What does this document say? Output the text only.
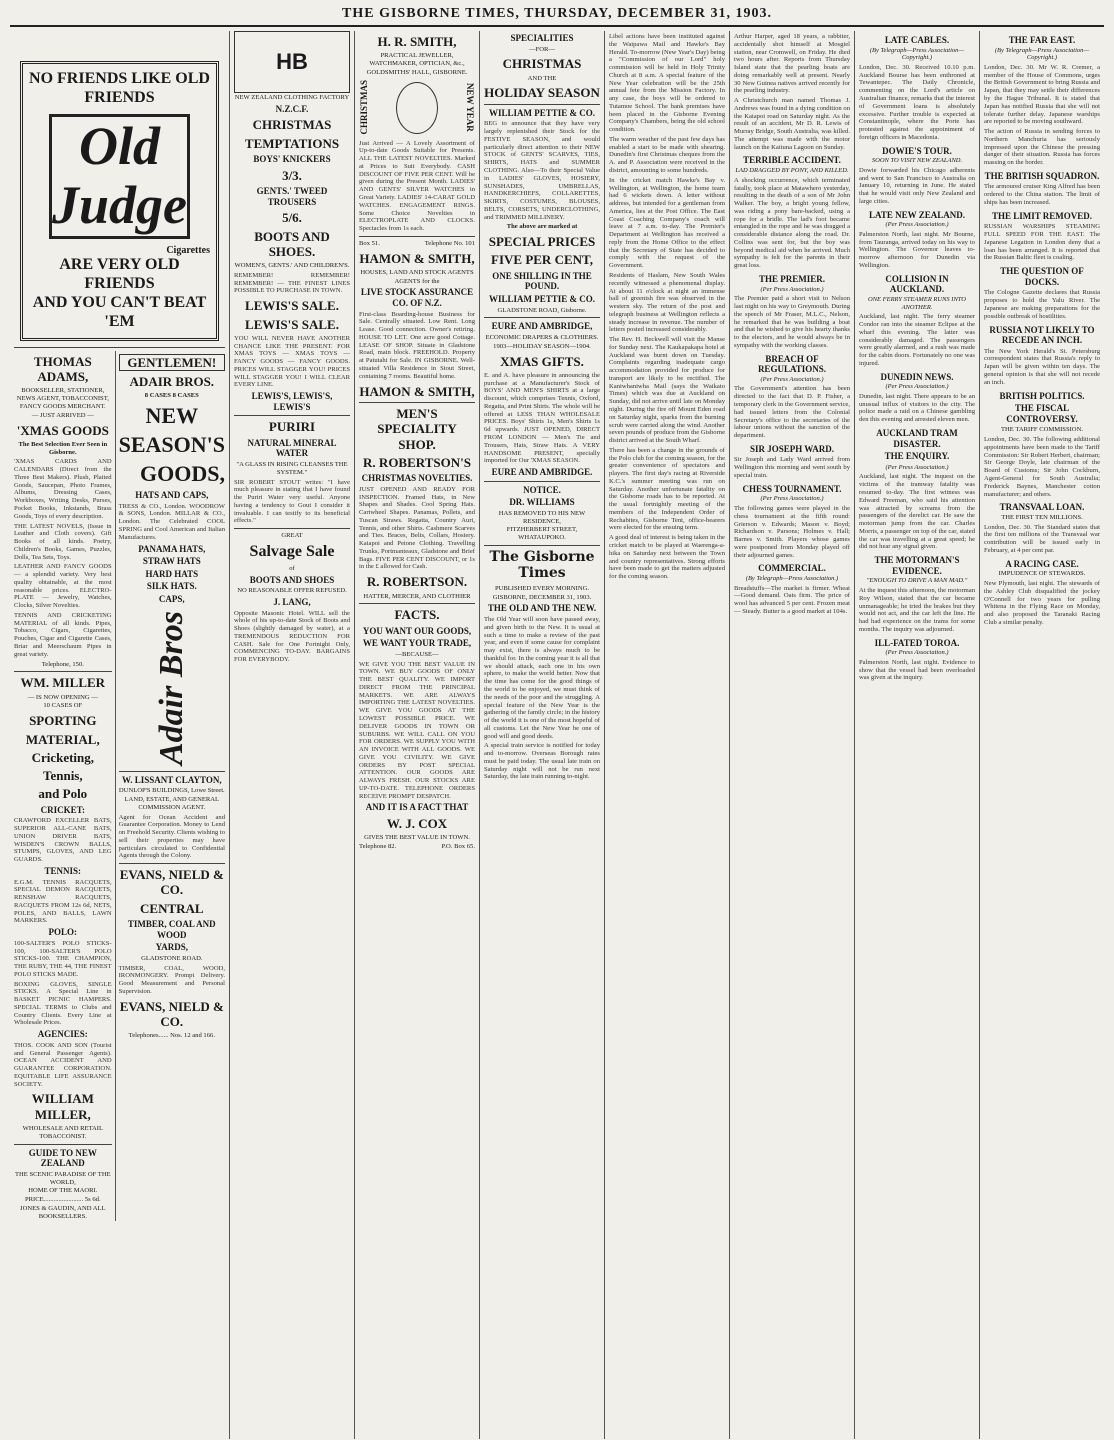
THE GISBORNE TIMES, THURSDAY, DECEMBER 31, 1903.
NO FRIENDS LIKE OLD FRIENDS
Old Judge
Cigarettes
ARE VERY OLD FRIENDS
AND YOU CAN'T BEAT 'EM
THOMAS ADAMS,
BOOKSELLER, STATIONER, NEWS AGENT, TOBACCONIST, FANCY GOODS MERCHANT.
— JUST ARRIVED —
'XMAS GOODS
The Best Selection Ever Seen in Gisborne.

'XMAS CARDS AND CALENDARS (Direct from the Three Best Makers). Plush, Plaited Goods, Saucepan, Photo Frames, Albums, Dressing Cases, Workboxes, Writing Desks, Purses, Pocket Books, Inkstands, Brass Goods, Toys of every description.

THE LATEST NOVELS, (Issue in Leather and Cloth covers). Gift Books of all kinds. Poetry, Children's Books, Games, Puzzles, Dolls, Tea Sets, Toys.

LEATHER AND FANCY GOODS — a splendid variety. Very best quality obtainable, at the most reasonable prices. ELECTRO-PLATE — Jewelry, Watches, Clocks, Silver Novelties.

TENNIS AND CRICKETING MATERIAL of all kinds. Pipes, Tobacco, Cigars, Cigarettes, Pouches, Cigar and Cigarette Cases, Briar and Meerschaum Pipes in great variety.

Telephone, 150.
WM. MILLER
— IS NOW OPENING —
10 CASES OF
SPORTING
MATERIAL,
Cricketing,
Tennis,
and Polo
CRICKET:

CRAWFORD EXCELLER BATS, SUPERIOR ALL-CANE BATS, UNION DRIVER BATS, WISDEN'S CROWN BALLS, STUMPS, GLOVES, AND LEG GUARDS.

TENNIS:

E.G.M. TENNIS RACQUETS, SPECIAL DEMON RACQUETS, RENSHAW RACQUETS, RACQUETS FROM 12s 6d, NETS, POLES, AND BALLS, LAWN MARKERS.

POLO:

100-SALTER'S POLO STICKS-100, 100-SALTER'S POLO STICKS-100. THE CHAMPION, THE RUBY, THE 44, THE FINEST POLO STICKS MADE.

BOXING GLOVES, SINGLE STICKS. A Special Line in BASKET PICNIC HAMPERS. SPECIAL TERMS to Clubs and Country Clients. Every Line at Wholesale Prices.

AGENCIES:

THOS. COOK AND SON (Tourist and General Passenger Agents). OCEAN ACCIDENT AND GUARANTEE CORPORATION. EQUITABLE LIFE ASSURANCE SOCIETY.

WILLIAM MILLER,
WHOLESALE AND RETAIL TOBACCONIST.
GUIDE TO NEW ZEALAND
THE SCENIC PARADISE OF THE WORLD,
HOME OF THE MAORI.
PRICE........................ 5s 6d.
JONES & GAUDIN, AND ALL BOOKSELLERS.
GENTLEMEN!
ADAIR BROS.
8 CASES 8 CASES
NEW
SEASON'S
GOODS,
HATS AND CAPS,

TRESS & CO., London. WOODROW & SONS, London. MILLAR & CO., London. The Celebrated COOL SPRING and Cool American and Italian Manufactures.

PANAMA HATS,
STRAW HATS
HARD HATS
SILK HATS.
CAPS,
Adair Bros
W. LISSANT CLAYTON,
DUNLOP'S BUILDINGS, Lowe Street.
LAND, ESTATE, AND GENERAL COMMISSION AGENT.

Agent for Ocean Accident and Guarantee Corporation. Money to Lend on Freehold Security. Clients wishing to sell their properties may have particulars circulated to Confidential Agents through the Colony.

EVANS, NIELD & CO.
CENTRAL
TIMBER, COAL AND WOOD
YARDS,
GLADSTONE ROAD.

TIMBER, COAL, WOOD, IRONMONGERY. Prompt Delivery. Good Measurement and Personal Supervision.

EVANS, NIELD & CO.
Telephones...... Nos. 12 and 166.
HB
NEW ZEALAND CLOTHING FACTORY
N.Z.C.F.
CHRISTMAS
TEMPTATIONS
BOYS' KNICKERS
3/3.
GENTS.' TWEED TROUSERS
5/6.
BOOTS AND SHOES.
WOMEN'S, GENTS.' AND CHILDREN'S.

REMEMBER! REMEMBER! REMEMBER! — THE FINEST LINES POSSIBLE TO PURCHASE IN TOWN.

LEWIS'S SALE.
LEWIS'S SALE.

YOU WILL NEVER HAVE ANOTHER CHANCE LIKE THE PRESENT. FOR XMAS TOYS — XMAS TOYS — FANCY GOODS — FANCY GOODS. PRICES WILL STAGGER YOU! PRICES WILL STAGGER YOU! I WILL CLEAR EVERY LINE.

LEWIS'S, LEWIS'S, LEWIS'S
PURIRI
NATURAL MINERAL WATER
"A GLASS IN RISING CLEANSES THE SYSTEM."

SIR ROBERT STOUT writes: "I have much pleasure in stating that I have found the Puriri Water very useful. Anyone having a tendency to Gout I consider it invaluable. I can testify to its beneficial effects."

GREAT
Salvage Sale
of
BOOTS AND SHOES
NO REASONABLE OFFER REFUSED.
J. LANG,

Opposite Masonic Hotel. WILL sell the whole of his up-to-date Stock of Boots and Shoes (slightly damaged by water), at a TREMENDOUS REDUCTION FOR CASH. Sale for One Fortnight Only, COMMENCING TO-DAY. BARGAINS FOR EVERYBODY.

H. R. SMITH,
PRACTICAL JEWELLER, WATCHMAKER, OPTICIAN, &c.,
GOLDSMITHS' HALL, GISBORNE.
CHRISTMAS	NEW YEAR

Just Arrived — A Lovely Assortment of Up-to-date Goods Suitable for Presents. ALL THE LATEST NOVELTIES. Marked at Prices to Suit Everybody. CASH DISCOUNT OF FIVE PER CENT. Will be given during the Present Month. LADIES' AND GENTS' SILVER WATCHES in Great Variety. LADIES' 14-CARAT GOLD WATCHES. ENGAGEMENT RINGS. Some Choice Novelties in ELECTROPLATE AND CLOCKS. Spectacles from 1s each.

Box 51.	Telephone No. 101
HAMON & SMITH,
HOUSES, LAND AND STOCK AGENTS
AGENTS for the
LIVE STOCK ASSURANCE CO. OF N.Z.

First-class Boarding-house Business for Sale. Centrally situated. Low Rent. Long Lease. Good connection. Owner's retiring. HOUSE TO LET. One acre good Cottage. LEASE OF SHOP. Situate in Gladstone Road, main block. FREEHOLD. Property at Patutahi for Sale. IN GISBORNE. Well-situated Villa Residence in Stout Street, containing 7 rooms. Beautiful home.

HAMON & SMITH,
MEN'S SPECIALITY SHOP.
R. ROBERTSON'S
CHRISTMAS NOVELTIES.

JUST OPENED AND READY FOR INSPECTION. Framed Hats, in New Shapes and Shades. Cool Spring Hats. Cartwheel Shapes. Panamas, Pollets, and Tuscan Straws. Regatta, Country Auri, Tennis, and other Shirts. Cashmere Scarves and Ties. Braces, Belts, Collars, Hosiery. Kaiapoi and Petone Clothing. Travelling Trunks, Portmanteaux, Gladstone and Brief Bags. FIVE PER CENT DISCOUNT, or 1s in the £ allowed for Cash.

R. ROBERTSON.
HATTER, MERCER, AND CLOTHIER
FACTS.
YOU WANT OUR GOODS,
WE WANT YOUR TRADE,
—BECAUSE—

WE GIVE YOU THE BEST VALUE IN TOWN. WE BUY GOODS OF ONLY THE BEST QUALITY. WE IMPORT DIRECT FROM THE PRINCIPAL MARKETS. WE ARE ALWAYS IMPORTING THE LATEST NOVELTIES. WE GIVE YOU GOODS AT THE LOWEST POSSIBLE PRICE. WE DELIVER GOODS IN TOWN OR SUBURBS. WE WILL CALL ON YOU FOR ORDERS. WE SUPPLY YOU WITH AN INVOICE WITH ALL GOODS. WE GIVE YOU CIVILITY. WE GIVE ORDERS BY POST SPECIAL ATTENTION. OUR GOODS ARE ALWAYS FRESH. OUR STOCKS ARE UP-TO-DATE. TELEPHONE ORDERS RECEIVE PROMPT DESPATCH.

AND IT IS A FACT THAT
W. J. COX
GIVES THE BEST VALUE IN TOWN.
Telephone 82.	P.O. Box 65.
SPECIALITIES
—FOR—
CHRISTMAS
AND THE
HOLIDAY SEASON
WILLIAM PETTIE & CO.

BEG to announce that they have very largely replenished their Stock for the FESTIVE SEASON, and would particularly direct attention to their NEW STOCK of GENTS' SCARVES, TIES, SHIRTS, HATS and SUMMER CLOTHING. Also—To their Special Value in LADIES' GLOVES, HOSIERY, SUNSHADES, UMBRELLAS, HANDKERCHIEFS, COLLARETTES, SKIRTS, COSTUMES, BLOUSES, BELTS, CORSETS, UNDERCLOTHING, and TRIMMED MILLINERY.

The above are marked at
SPECIAL PRICES
FIVE PER CENT,
ONE SHILLING IN THE POUND.
WILLIAM PETTIE & CO.
GLADSTONE ROAD, Gisborne.
EURE AND AMBRIDGE,
ECONOMIC DRAPERS & CLOTHIERS.
1903—HOLIDAY SEASON—1904.
XMAS GIFTS.

E. and A. have pleasure in announcing the purchase at a Manufacturer's Stock of BOYS' AND MEN'S SHIRTS at a large discount, which comprises Tennis, Oxford, Regatta, and Print Shirts. The whole will be offered at LESS THAN WHOLESALE PRICES. Boys' Shirts 1s, Men's Shirts 1s 6d upwards. JUST OPENED, DIRECT FROM LONDON — Men's Tie and Trousers, Hats, Straw Hats. A VERY HANDSOME PRESENT, specially imported for Our 'XMAS SEASON.

EURE AND AMBRIDGE.
NOTICE.
DR. WILLIAMS
HAS REMOVED TO HIS NEW RESIDENCE,
FITZHERBERT STREET, WHATAUPOKO.
The Gisborne Times
PUBLISHED EVERY MORNING.
GISBORNE, DECEMBER 31, 1903.
THE OLD AND THE NEW.

The Old Year will soon have passed away, and given birth to the New. It is usual at such a time to make a review of the past year, and even if some cause for complaint may exist, there is always much to be thankful for. In the coming year it is all that we should attack, each one in his own sphere, to make the world better. Now that the time has come for the good things of the world to be enjoyed, we must think of the needs of the poor and the struggling. A special feature of the New Year is the gathering of the family circle; in the history of the world it is one of the most hopeful of all customs. Let the New Year be one of good will and good deeds.

A special train service is notified for today and to-morrow. Overseas Borough rates must be paid today. The usual late train on Saturday night will not be run next Saturday, the late train running to-night.

Libel actions have been instituted against the Waipawa Mail and Hawke's Bay Herald. To-morrow (New Year's Day) being a "Commission of our Lord" holy commission will be held in Holy Trinity Church at 8 a.m. A special feature of the New Year celebration will be the 25th annual fete from the Mission Factory. In any case, the boys will be ordered to Tutamoe School. The bank premises have been placed in the Gisborne Evening Company's Chambers, being the old school condition.

The warm weather of the past few days has enabled a start to be made with shearing. Dunedin's first Christmas cheques from the A. and P. Association were received in the district, amounting to some hundreds.

In the cricket match Hawke's Bay v. Wellington, at Wellington, the home team had 6 wickets down. A letter without address, but intended for a gentleman from America, lies at the Post Office. The East Coast Coaching Company's coach will leave at 7 a.m. to-day. The Premier's Department at Wellington has received a reply from the Home Office to the effect that the Secretary of State has decided to comply with the request of the Government.

Residents of Haslam, New South Wales recently witnessed a phenomenal display. At about 11 o'clock at night an immense ball of greenish fire was observed in the western sky. The return of the post and telegraph business at Wellington reflects a steady increase in revenue. The number of letters posted increased considerably.

The Rev. H. Beckwell will visit the Manse for Sunday next. The Kaukapakapa hotel at Auckland was burnt down on Tuesday. Complaints regarding inadequate cargo accommodation provided for produce for transport are likely to be rectified. The Kaniwhaniwha Mail (says the Waikato Times) which was due at Auckland on Sunday, did not arrive until late on Monday night. During the fire off Mount Eden road on Saturday night, sparks from the burning scrub were carried along the wind. Another seven pounds of produce from the Gisborne district arrived at the South Wharf.

There has been a change in the grounds of the Polo club for the coming season, for the greater convenience of spectators and players. The first day's racing at Riverside K.C.'s summer meeting was run on Saturday. Another unfortunate fatality on the Gisborne roads has to be reported. At the usual fortnightly meeting of the members of the Independent Order of Rechabites, Gisborne Tent, office-bearers were elected for the ensuing term.

A good deal of interest is being taken in the cricket match to be played at Waerenga-a-hika on Saturday next between the Town and country representatives. Strong efforts have been made to get the matters adjusted for the coming season.

Arthur Harper, aged 18 years, a rabbiter, accidentally shot himself at Mosgiel station, near Cromwell, on Friday. He died two hours after. Reports from Thursday Island state that the pearling boats are doing remarkably well at present. Nearly 30 New Guinea natives arrived recently for the pearling industry.

A Christchurch man named Thomas J. Andrews was found in a dying condition on the Kaiapoi road on Saturday night. As the result of an accident, Mr D. R. Lewis of Murray Bridge, South Australia, was killed. The attempt was made with the motor launch on the Kaituna Lagoon on Sunday.

TERRIBLE ACCIDENT.
LAD DRAGGED BY PONY, AND KILLED.

A shocking occurrence, which terminated fatally, took place at Matawhero yesterday, resulting in the death of a son of Mr John Walker. The boy, a bright young fellow, was riding a pony bare-backed, using a rope for a bridle. The lad's foot became entangled in the rope and he was dragged a considerable distance along the road. Dr. Collins was sent for, but the boy was beyond medical aid when he arrived. Much sympathy is felt for the parents in their great loss.

THE PREMIER.
(Per Press Association.)

The Premier paid a short visit to Nelson last night on his way to Greymouth. During the speech of Mr Fraser, M.L.C., Nelson, he remarked that he was building a boat and that he wished to give his hearty thanks to the electors, and he would always be in sympathy with the working classes.

BREACH OF REGULATIONS.
(Per Press Association.)

The Government's attention has been directed to the fact that D. P. Fisher, a temporary clerk in the Government service, had issued letters from the Colonial Secretary's office to the secretaries of the labour unions without the sanction of the department.

SIR JOSEPH WARD.

Sir Joseph and Lady Ward arrived from Wellington this morning and went south by special train.

CHESS TOURNAMENT.
(Per Press Association.)

The following games were played in the chess tournament at the fifth round: Grierson v. Edwards; Mason v. Boyd; Richardson v. Parsons; Holmes v. Hall; Barnes v. Smith. Players whose games were postponed from Monday played off their adjourned games.

COMMERCIAL.
(By Telegraph—Press Association.)

Breadstuffs—The market is firmer. Wheat—Good demand. Oats firm. The price of wool has advanced 5 per cent. Frozen meat — Steady. Butter is a good market at 104s.

LATE CABLES.
(By Telegraph—Press Association—Copyright.)

London, Dec. 30. Received 10.10 p.m. Auckland Bourse has been enthroned at Tewantepec. The Daily Chronicle, commenting on the Lord's article on Australian finance, remarks that the interest of Government loans is absolutely excessive. Further trouble is expected at Constantinople, where the Porte has protested against the appointment of foreign officers in Macedonia.

DOWIE'S TOUR.
SOON TO VISIT NEW ZEALAND.

Dowie forwarded his Chicago adherents and went to San Francisco to Australia on January 10, returning in June. He stated that he would visit only New Zealand and large cities.

LATE NEW ZEALAND.
(Per Press Association.)

Palmerston North, last night. Mr Bourne, from Tauranga, arrived today on his way to Wellington. The Governor leaves to-morrow afternoon for Dunedin via Wellington.

COLLISION IN AUCKLAND.
ONE FERRY STEAMER RUNS INTO ANOTHER.

Auckland, last night. The ferry steamer Condor ran into the steamer Eclipse at the wharf this evening. The latter was considerably damaged. The passengers were greatly alarmed, and a rush was made for the cabin doors. Fortunately no one was injured.

DUNEDIN NEWS.
(Per Press Association.)

Dunedin, last night. There appears to be an unusual influx of visitors to the city. The police made a raid on a Chinese gambling den this evening and arrested eleven men.

AUCKLAND TRAM DISASTER.
THE ENQUIRY.
(Per Press Association.)

Auckland, last night. The inquest on the victims of the tramway fatality was resumed to-day. The first witness was Edward Freeman, who said his attention was attracted by screams from the passengers of the derelict car. He saw the motorman jump from the car. Charles Morris, a passenger on top of the car, stated the car was travelling at a great speed; he did not hear any signal given.

THE MOTORMAN'S EVIDENCE.
"ENOUGH TO DRIVE A MAN MAD."

At the inquest this afternoon, the motorman Roy Wilson, stated that the car became unmanageable; he tried the brakes but they would not act, and the car left the line. He had had experience on the trams for some months. The inquiry was adjourned.

ILL-FATED TOROA.
(Per Press Association.)

Palmerston North, last night. Evidence to show that the vessel had been overloaded was given at the inquiry.

THE FAR EAST.
(By Telegraph—Press Association—Copyright.)

London, Dec. 30. Mr W. R. Cremer, a member of the House of Commons, urges the British Government to bring Russia and Japan, that they may settle their differences by the Hague Tribunal. It is stated that Japan has notified Russia that she will not tolerate further delay. Japanese warships are reported to be moving southward.

The action of Russia in sending forces to Northern Manchuria has seriously impressed upon the Chinese the pressing danger of their situation. Russia has forces massing on the border.

THE BRITISH SQUADRON.

The armoured cruiser King Alfred has been ordered to the China station. The limit of ships has been increased.

THE LIMIT REMOVED.

RUSSIAN WARSHIPS STEAMING FULL SPEED FOR THE EAST. The Japanese Legation in London deny that a loan has been arranged. It is reported that the Russian Baltic fleet is coaling.

THE QUESTION OF DOCKS.

The Cologne Gazette declares that Russia proposes to hold the Yalu River. The Japanese are making preparations for the possible outbreak of hostilities.

RUSSIA NOT LIKELY TO RECEDE AN INCH.

The New York Herald's St. Petersburg correspondent states that Russia's reply to Japan will be given within ten days. The general opinion is that she will not recede an inch.

BRITISH POLITICS.
THE FISCAL CONTROVERSY.
THE TARIFF COMMISSION.

London, Dec. 30. The following additional appointments have been made to the Tariff Commission: Sir Robert Herbert, chairman; Sir George Doyle, late chairman of the Board of Customs; Sir John Cockburn, Agent-General for South Australia; Frederick Baynes, Manchester cotton manufacturer; and others.

TRANSVAAL LOAN.
THE FIRST TEN MILLIONS.

London, Dec. 30. The Standard states that the first ten millions of the Transvaal war contribution will be issued early in February, at 4 per cent par.

A RACING CASE.
IMPUDENCE OF STEWARDS.

New Plymouth, last night. The stewards of the Ashley Club disqualified the jockey O'Connell for two years for pulling Whitena in the Flying Race on Monday, and also proposed the Taranaki Racing Club a similar penalty.
